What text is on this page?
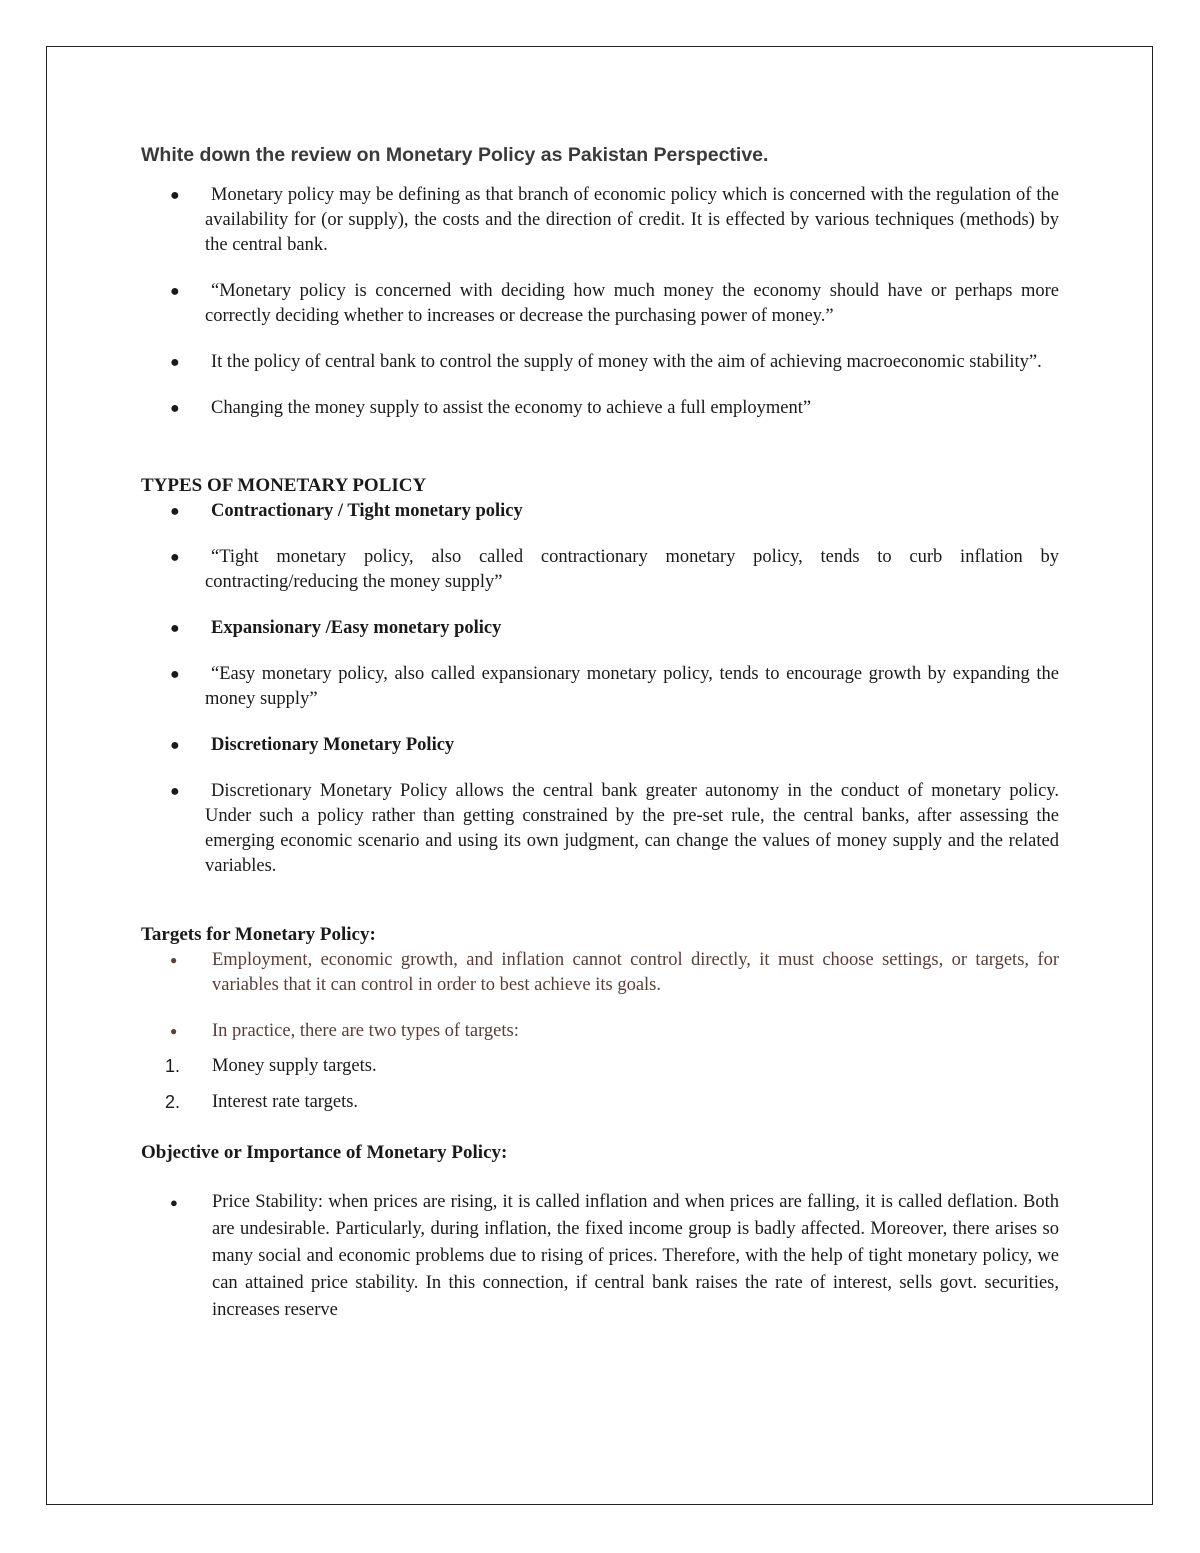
White down the review on Monetary Policy as Pakistan Perspective.
● Monetary policy may be defining as that branch of economic policy which is concerned with the regulation of the availability for (or supply), the costs and the direction of credit. It is effected by various techniques (methods) by the central bank.
● “Monetary policy is concerned with deciding how much money the economy should have or perhaps more correctly deciding whether to increases or decrease the purchasing power of money.”
● It the policy of central bank to control the supply of money with the aim of achieving macroeconomic stability”.
● Changing the money supply to assist the economy to achieve a full employment”
TYPES OF MONETARY POLICY
● Contractionary / Tight monetary policy
● “Tight monetary policy, also called contractionary monetary policy, tends to curb inflation by contracting/reducing the money supply”
● Expansionary /Easy monetary policy
● “Easy monetary policy, also called expansionary monetary policy, tends to encourage growth by expanding the money supply”
● Discretionary Monetary Policy
● Discretionary Monetary Policy allows the central bank greater autonomy in the conduct of monetary policy. Under such a policy rather than getting constrained by the pre-set rule, the central banks, after assessing the emerging economic scenario and using its own judgment, can change the values of money supply and the related variables.
Targets for Monetary Policy:
● Employment, economic growth, and inflation cannot control directly, it must choose settings, or targets, for variables that it can control in order to best achieve its goals.
● In practice, there are two types of targets:
1. Money supply targets.
2. Interest rate targets.
Objective or Importance of Monetary Policy:
● Price Stability: when prices are rising, it is called inflation and when prices are falling, it is called deflation. Both are undesirable. Particularly, during inflation, the fixed income group is badly affected. Moreover, there arises so many social and economic problems due to rising of prices. Therefore, with the help of tight monetary policy, we can attained price stability. In this connection, if central bank raises the rate of interest, sells govt. securities, increases reserve
